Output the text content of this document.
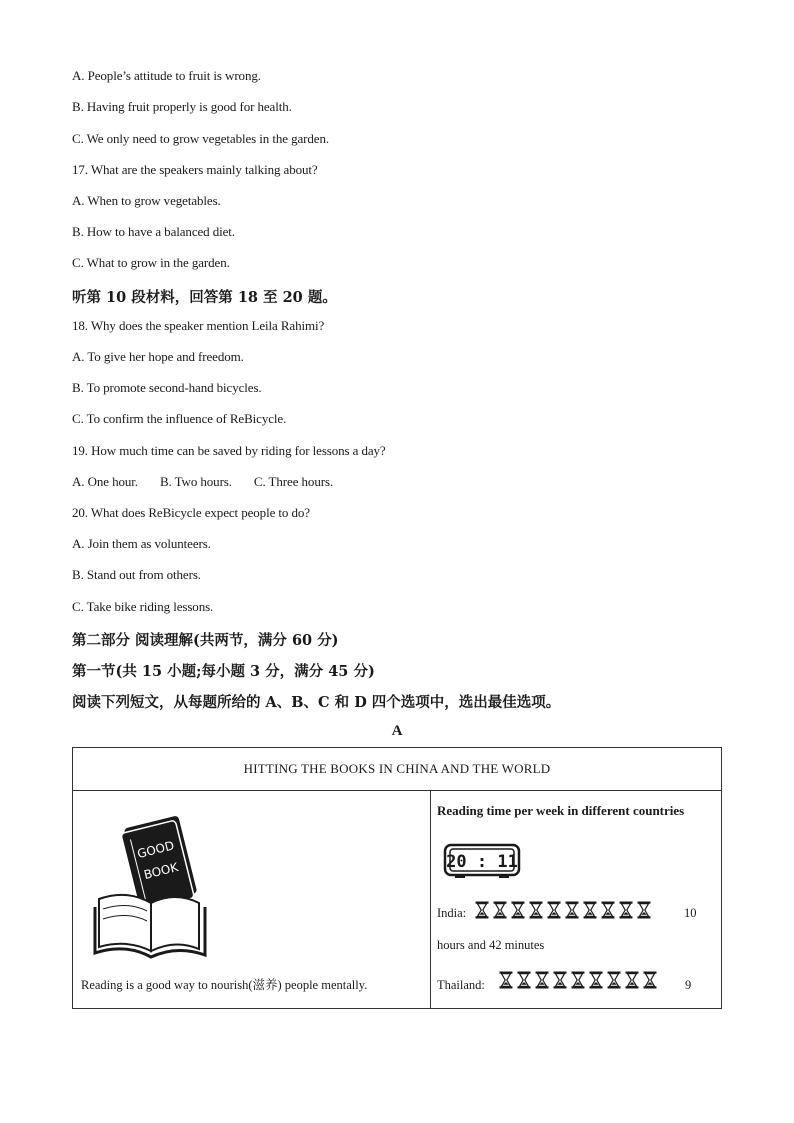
A. People’s attitude to fruit is wrong.
B. Having fruit properly is good for health.
C. We only need to grow vegetables in the garden.
17. What are the speakers mainly talking about?
A. When to grow vegetables.
B. How to have a balanced diet.
C. What to grow in the garden.
听第 10 段材料，回答第 18 至 20 题。
18. Why does the speaker mention Leila Rahimi?
A. To give her hope and freedom.
B. To promote second-hand bicycles.
C. To confirm the influence of ReBicycle.
19. How much time can be saved by riding for lessons a day?
A. One hour. B. Two hours. C. Three hours.
20. What does ReBicycle expect people to do?
A. Join them as volunteers.
B. Stand out from others.
C. Take bike riding lessons.
第二部分 阅读理解(共两节，满分 60 分)
第一节(共 15 小题;每小题 3 分，满分 45 分)
阅读下列短文，从每题所给的 A、B、C 和 D 四个选项中，选出最佳选项。
A
HITTING THE BOOKS IN CHINA AND THE WORLD
GOOD
BOOK
Reading is a good way to nourish(滋养) people mentally.
Reading time per week in different countries
20 : 11
India:	10
hours and 42 minutes
Thailand:	9
